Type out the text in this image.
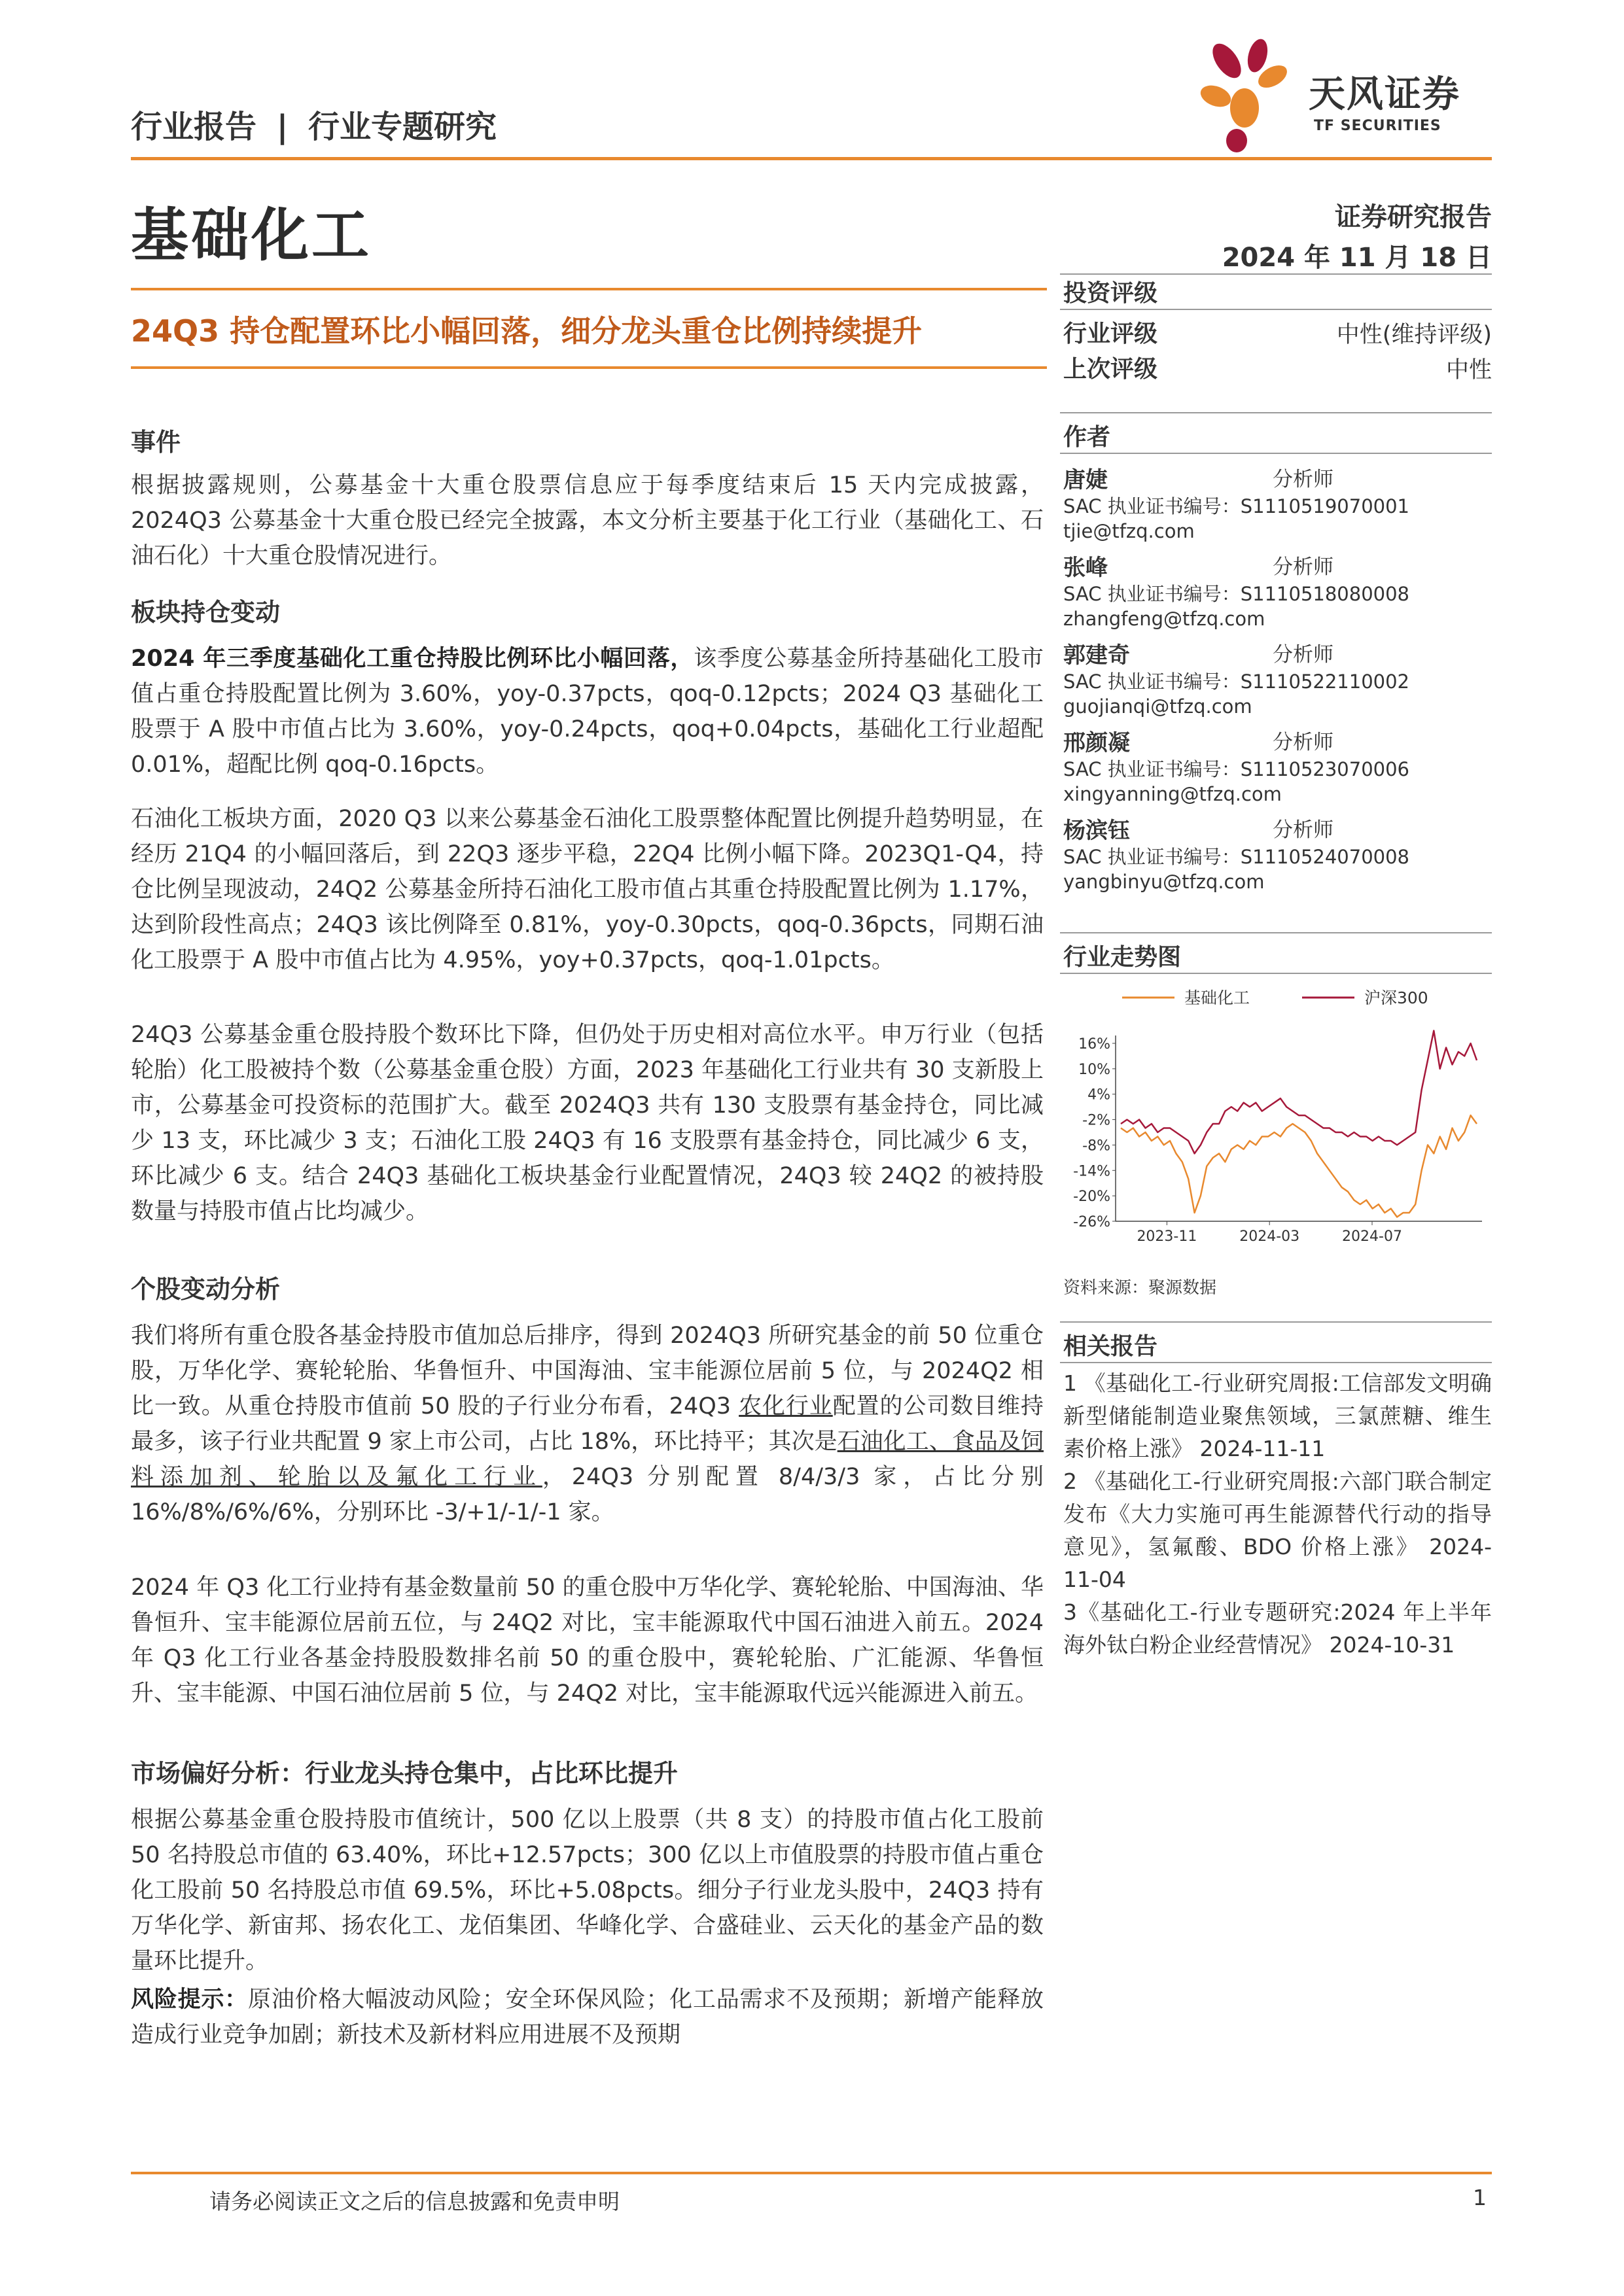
行业报告 | 行业专题研究
天风证券
TF SECURITIES
基础化工	证券研究报告
2024 年 11 月 18 日
24Q3 持仓配置环比小幅回落，细分龙头重仓比例持续提升
事件
根据披露规则，公募基金十大重仓股票信息应于每季度结束后 15 天内完成披露，2024Q3 公募基金十大重仓股已经完全披露，本文分析主要基于化工行业（基础化工、石油石化）十大重仓股情况进行。
板块持仓变动
2024 年三季度基础化工重仓持股比例环比小幅回落，该季度公募基金所持基础化工股市值占重仓持股配置比例为 3.60%，yoy-0.37pcts，qoq-0.12pcts；2024 Q3 基础化工股票于 A 股中市值占比为 3.60%，yoy-0.24pcts，qoq+0.04pcts，基础化工行业超配 0.01%，超配比例 qoq-0.16pcts。
石油化工板块方面，2020 Q3 以来公募基金石油化工股票整体配置比例提升趋势明显，在经历 21Q4 的小幅回落后，到 22Q3 逐步平稳，22Q4 比例小幅下降。2023Q1-Q4，持仓比例呈现波动，24Q2 公募基金所持石油化工股市值占其重仓持股配置比例为 1.17%，达到阶段性高点；24Q3 该比例降至 0.81%，yoy-0.30pcts，qoq-0.36pcts，同期石油化工股票于 A 股中市值占比为 4.95%，yoy+0.37pcts，qoq-1.01pcts。
24Q3 公募基金重仓股持股个数环比下降，但仍处于历史相对高位水平。申万行业（包括轮胎）化工股被持个数（公募基金重仓股）方面，2023 年基础化工行业共有 30 支新股上市，公募基金可投资标的范围扩大。截至 2024Q3 共有 130 支股票有基金持仓，同比减少 13 支，环比减少 3 支；石油化工股 24Q3 有 16 支股票有基金持仓，同比减少 6 支，环比减少 6 支。结合 24Q3 基础化工板块基金行业配置情况，24Q3 较 24Q2 的被持股数量与持股市值占比均减少。
个股变动分析
我们将所有重仓股各基金持股市值加总后排序，得到 2024Q3 所研究基金的前 50 位重仓股，万华化学、赛轮轮胎、华鲁恒升、中国海油、宝丰能源位居前 5 位，与 2024Q2 相比一致。从重仓持股市值前 50 股的子行业分布看，24Q3 农化行业配置的公司数目维持最多，该子行业共配置 9 家上市公司，占比 18%，环比持平；其次是石油化工、食品及饲料添加剂、轮胎以及氟化工行业，24Q3 分别配置 8/4/3/3 家，占比分别 16%/8%/6%/6%，分别环比 -3/+1/-1/-1 家。
2024 年 Q3 化工行业持有基金数量前 50 的重仓股中万华化学、赛轮轮胎、中国海油、华鲁恒升、宝丰能源位居前五位，与 24Q2 对比，宝丰能源取代中国石油进入前五。2024 年 Q3 化工行业各基金持股股数排名前 50 的重仓股中，赛轮轮胎、广汇能源、华鲁恒升、宝丰能源、中国石油位居前 5 位，与 24Q2 对比，宝丰能源取代远兴能源进入前五。
市场偏好分析：行业龙头持仓集中，占比环比提升
根据公募基金重仓股持股市值统计，500 亿以上股票（共 8 支）的持股市值占化工股前 50 名持股总市值的 63.40%，环比+12.57pcts；300 亿以上市值股票的持股市值占重仓化工股前 50 名持股总市值 69.5%，环比+5.08pcts。细分子行业龙头股中，24Q3 持有万华化学、新宙邦、扬农化工、龙佰集团、华峰化学、合盛硅业、云天化的基金产品的数量环比提升。
风险提示：原油价格大幅波动风险；安全环保风险；化工品需求不及预期；新增产能释放造成行业竞争加剧；新技术及新材料应用进展不及预期
投资评级
行业评级	中性(维持评级)
上次评级	中性
作者
唐婕	分析师
SAC 执业证书编号：S1110519070001
tjie@tfzq.com
张峰	分析师
SAC 执业证书编号：S1110518080008
zhangfeng@tfzq.com
郭建奇	分析师
SAC 执业证书编号：S1110522110002
guojianqi@tfzq.com
邢颜凝	分析师
SAC 执业证书编号：S1110523070006
xingyanning@tfzq.com
杨滨钰	分析师
SAC 执业证书编号：S1110524070008
yangbinyu@tfzq.com
行业走势图
基础化工	沪深300
16%
10%
4%
-2%
-8%
-14%
-20%
-26%
2023-11	2024-03	2024-07
资料来源：聚源数据
相关报告
1 《基础化工-行业研究周报:工信部发文明确新型储能制造业聚焦领域，三氯蔗糖、维生素价格上涨》 2024-11-11
2 《基础化工-行业研究周报:六部门联合制定发布《大力实施可再生能源替代行动的指导意见》，氢氟酸、BDO 价格上涨》 2024-11-04
3《基础化工-行业专题研究:2024 年上半年海外钛白粉企业经营情况》 2024-10-31
请务必阅读正文之后的信息披露和免责申明	1
